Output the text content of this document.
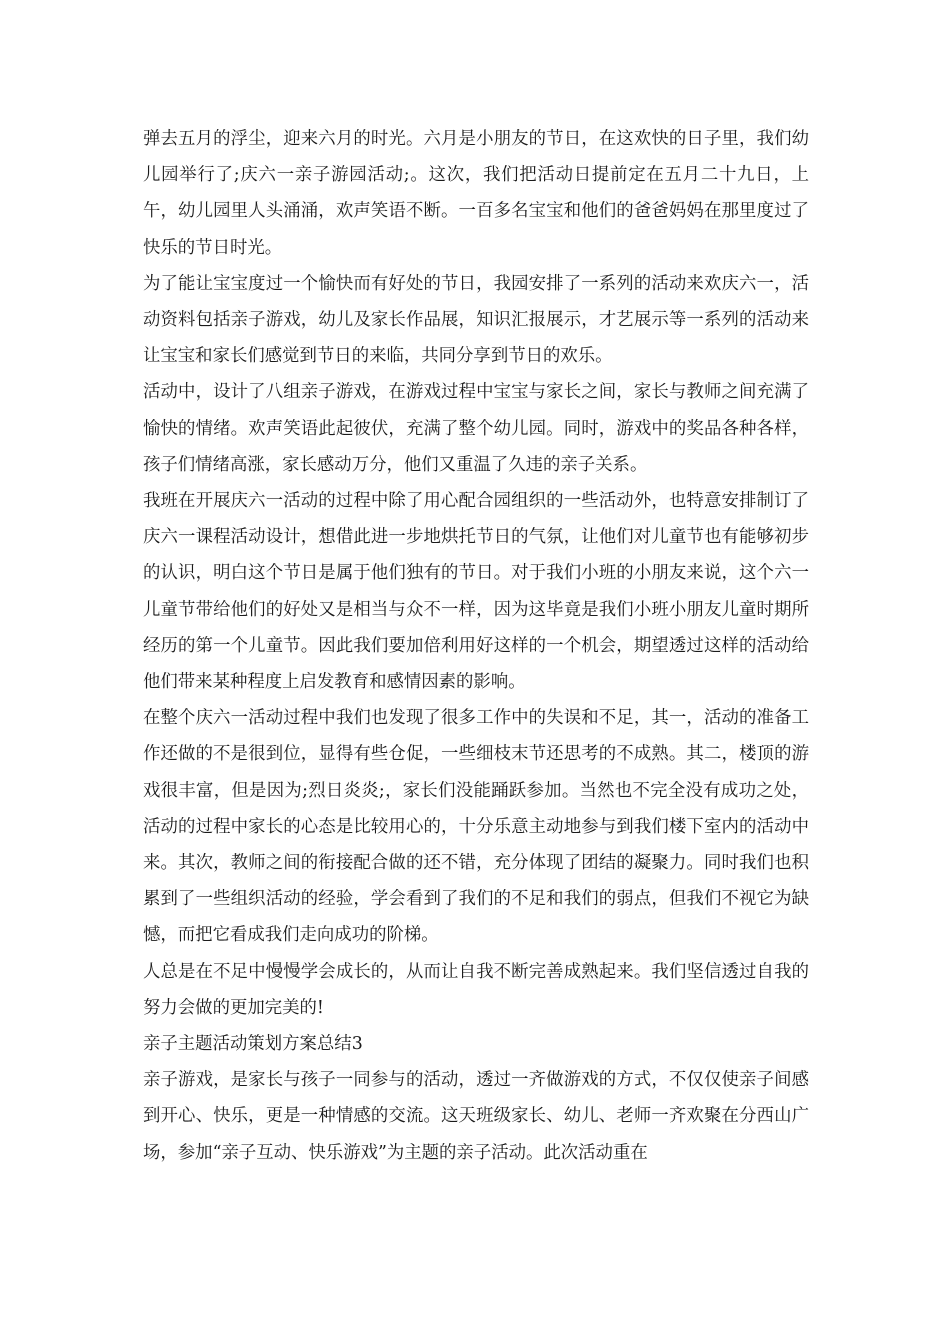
弹去五月的浮尘，迎来六月的时光。六月是小朋友的节日，在这欢快的日子里，我们幼儿园举行了;庆六一亲子游园活动;。这次，我们把活动日提前定在五月二十九日，上午，幼儿园里人头涌涌，欢声笑语不断。一百多名宝宝和他们的爸爸妈妈在那里度过了快乐的节日时光。

为了能让宝宝度过一个愉快而有好处的节日，我园安排了一系列的活动来欢庆六一，活动资料包括亲子游戏，幼儿及家长作品展，知识汇报展示，才艺展示等一系列的活动来让宝宝和家长们感觉到节日的来临，共同分享到节日的欢乐。

活动中，设计了八组亲子游戏，在游戏过程中宝宝与家长之间，家长与教师之间充满了愉快的情绪。欢声笑语此起彼伏，充满了整个幼儿园。同时，游戏中的奖品各种各样，孩子们情绪高涨，家长感动万分，他们又重温了久违的亲子关系。

我班在开展庆六一活动的过程中除了用心配合园组织的一些活动外，也特意安排制订了庆六一课程活动设计，想借此进一步地烘托节日的气氛，让他们对儿童节也有能够初步的认识，明白这个节日是属于他们独有的节日。对于我们小班的小朋友来说，这个六一儿童节带给他们的好处又是相当与众不一样，因为这毕竟是我们小班小朋友儿童时期所经历的第一个儿童节。因此我们要加倍利用好这样的一个机会，期望透过这样的活动给他们带来某种程度上启发教育和感情因素的影响。

在整个庆六一活动过程中我们也发现了很多工作中的失误和不足，其一，活动的准备工作还做的不是很到位，显得有些仓促，一些细枝末节还思考的不成熟。其二，楼顶的游戏很丰富，但是因为;烈日炎炎;，家长们没能踊跃参加。当然也不完全没有成功之处，活动的过程中家长的心态是比较用心的，十分乐意主动地参与到我们楼下室内的活动中来。其次，教师之间的衔接配合做的还不错，充分体现了团结的凝聚力。同时我们也积累到了一些组织活动的经验，学会看到了我们的不足和我们的弱点，但我们不视它为缺憾，而把它看成我们走向成功的阶梯。

人总是在不足中慢慢学会成长的，从而让自我不断完善成熟起来。我们坚信透过自我的努力会做的更加完美的!

亲子主题活动策划方案总结3

亲子游戏，是家长与孩子一同参与的活动，透过一齐做游戏的方式，不仅仅使亲子间感到开心、快乐，更是一种情感的交流。这天班级家长、幼儿、老师一齐欢聚在分西山广场，参加“亲子互动、快乐游戏”为主题的亲子活动。此次活动重在
